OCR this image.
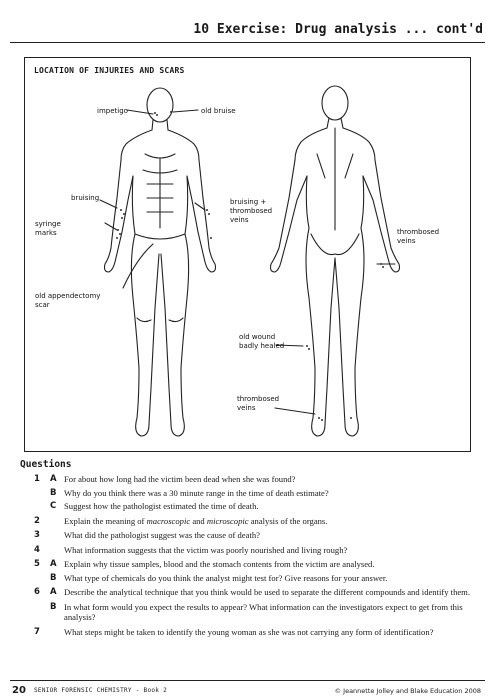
10 Exercise: Drug analysis ... cont'd
LOCATION OF INJURIES AND SCARS
impetigo	old bruise
bruising	bruising +
thrombosed
veins
syringe
marks	thrombosed
veins
old appendectomy
scar
old wound
badly healed
thrombosed
veins
Questions
1 A For about how long had the victim been dead when she was found?
B Why do you think there was a 30 minute range in the time of death estimate?
C Suggest how the pathologist estimated the time of death.
2	Explain the meaning of macroscopic and microscopic analysis of the organs.
3	What did the pathologist suggest was the cause of death?
4	What information suggests that the victim was poorly nourished and living rough?
5 A Explain why tissue samples, blood and the stomach contents from the victim are analysed.
B What type of chemicals do you think the analyst might test for? Give reasons for your answer.
6 A Describe the analytical technique that you think would be used to separate the different compounds and identify them.
B In what form would you expect the results to appear? What information can the investigators expect to get from this analysis?
7	What steps might be taken to identify the young woman as she was not carrying any form of identification?
20 SENIOR FORENSIC CHEMISTRY - Book 2	© Jeannette Jolley and Blake Education 2008
